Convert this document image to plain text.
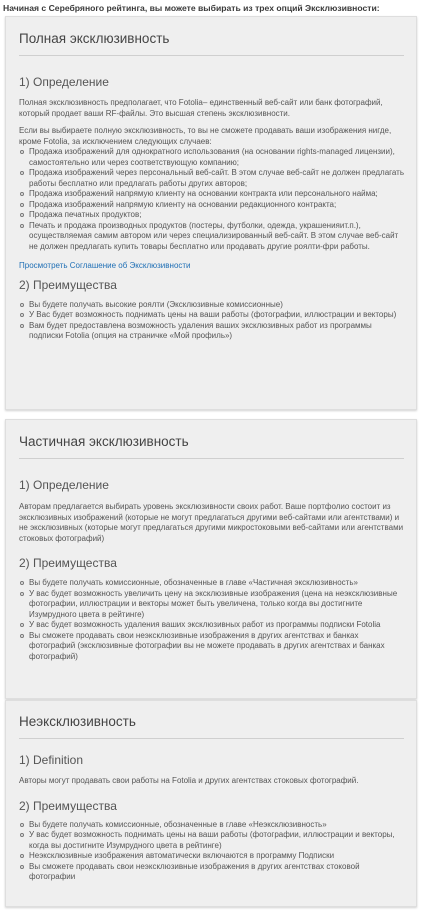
Начиная с Серебряного рейтинга, вы можете выбирать из трех опций Эксклюзивности:
Полная эксклюзивность
1) Определение
Полная эксклюзивность предполагает, что Fotolia– единственный веб-сайт или банк фотографий, который продает ваши RF-файлы. Это высшая степень эксклюзивности.
Если вы выбираете полную эксклюзивность, то вы не сможете продавать ваши изображения нигде, кроме Fotolia, за исключением следующих случаев:
Продажа изображений для однократного использования (на основании rights-managed лицензии), самостоятельно или через соответствующую компанию;
Продажа изображений через персональный веб-сайт. В этом случае веб-сайт не должен предлагать работы бесплатно или предлагать работы других авторов;
Продажа изображений напрямую клиенту на основании контракта или персонального найма;
Продажа изображений напрямую клиенту на основании редакционного контракта;
Продажа печатных продуктов;
Печать и продажа производных продуктов (постеры, футболки, одежда, украшенияит.п.), осуществляемая самим автором или через специализированный веб-сайт. В этом случае веб-сайт не должен предлагать купить товары бесплатно или продавать другие роялти-фри работы.
Просмотреть Соглашение об Эксклюзивности
2) Преимущества
Вы будете получать высокие роялти (Эксклюзивные комиссионные)
У Вас будет возможность поднимать цены на ваши работы (фотографии, иллюстрации и векторы)
Вам будет предоставлена возможность удаления ваших эксклюзивных работ из программы подписки Fotolia (опция на страничке «Мой профиль»)
Частичная эксклюзивность
1) Определение
Авторам предлагается выбирать уровень эксклюзивности своих работ. Ваше портфолио состоит из эксклюзивных изображений (которые не могут предлагаться другими веб-сайтами или агентствами) и не эксклюзивных (которые могут предлагаться другими микростоковыми веб-сайтами или агентствами стоковых фотографий)
2) Преимущества
Вы будете получать комиссионные, обозначенные в главе «Частичная эксклюзивность»
У вас будет возможность увеличить цену на эксклюзивные изображения (цена на неэксклюзивные фотографии, иллюстрации и векторы может быть увеличена, только когда вы достигните Изумрудного цвета в рейтинге)
У вас будет возможность удаления ваших эксклюзивных работ из программы подписки Fotolia
Вы сможете продавать свои неэксклюзивные изображения в других агентствах и банках фотографий (эксклюзивные фотографии вы не можете продавать в других агентствах и банках фотографий)
Неэксклюзивность
1) Definition
Авторы могут продавать свои работы на Fotolia и других агентствах стоковых фотографий.
2) Преимущества
Вы будете получать комиссионные, обозначенные в главе «Неэксклюзивность»
У вас будет возможность поднимать цены на ваши работы (фотографии, иллюстрации и векторы, когда вы достигните Изумрудного цвета в рейтинге)
Неэксклюзивные изображения автоматически включаются в программу Подписки
Вы сможете продавать свои неэксклюзивные изображения в других агентствах стоковой фотографии
